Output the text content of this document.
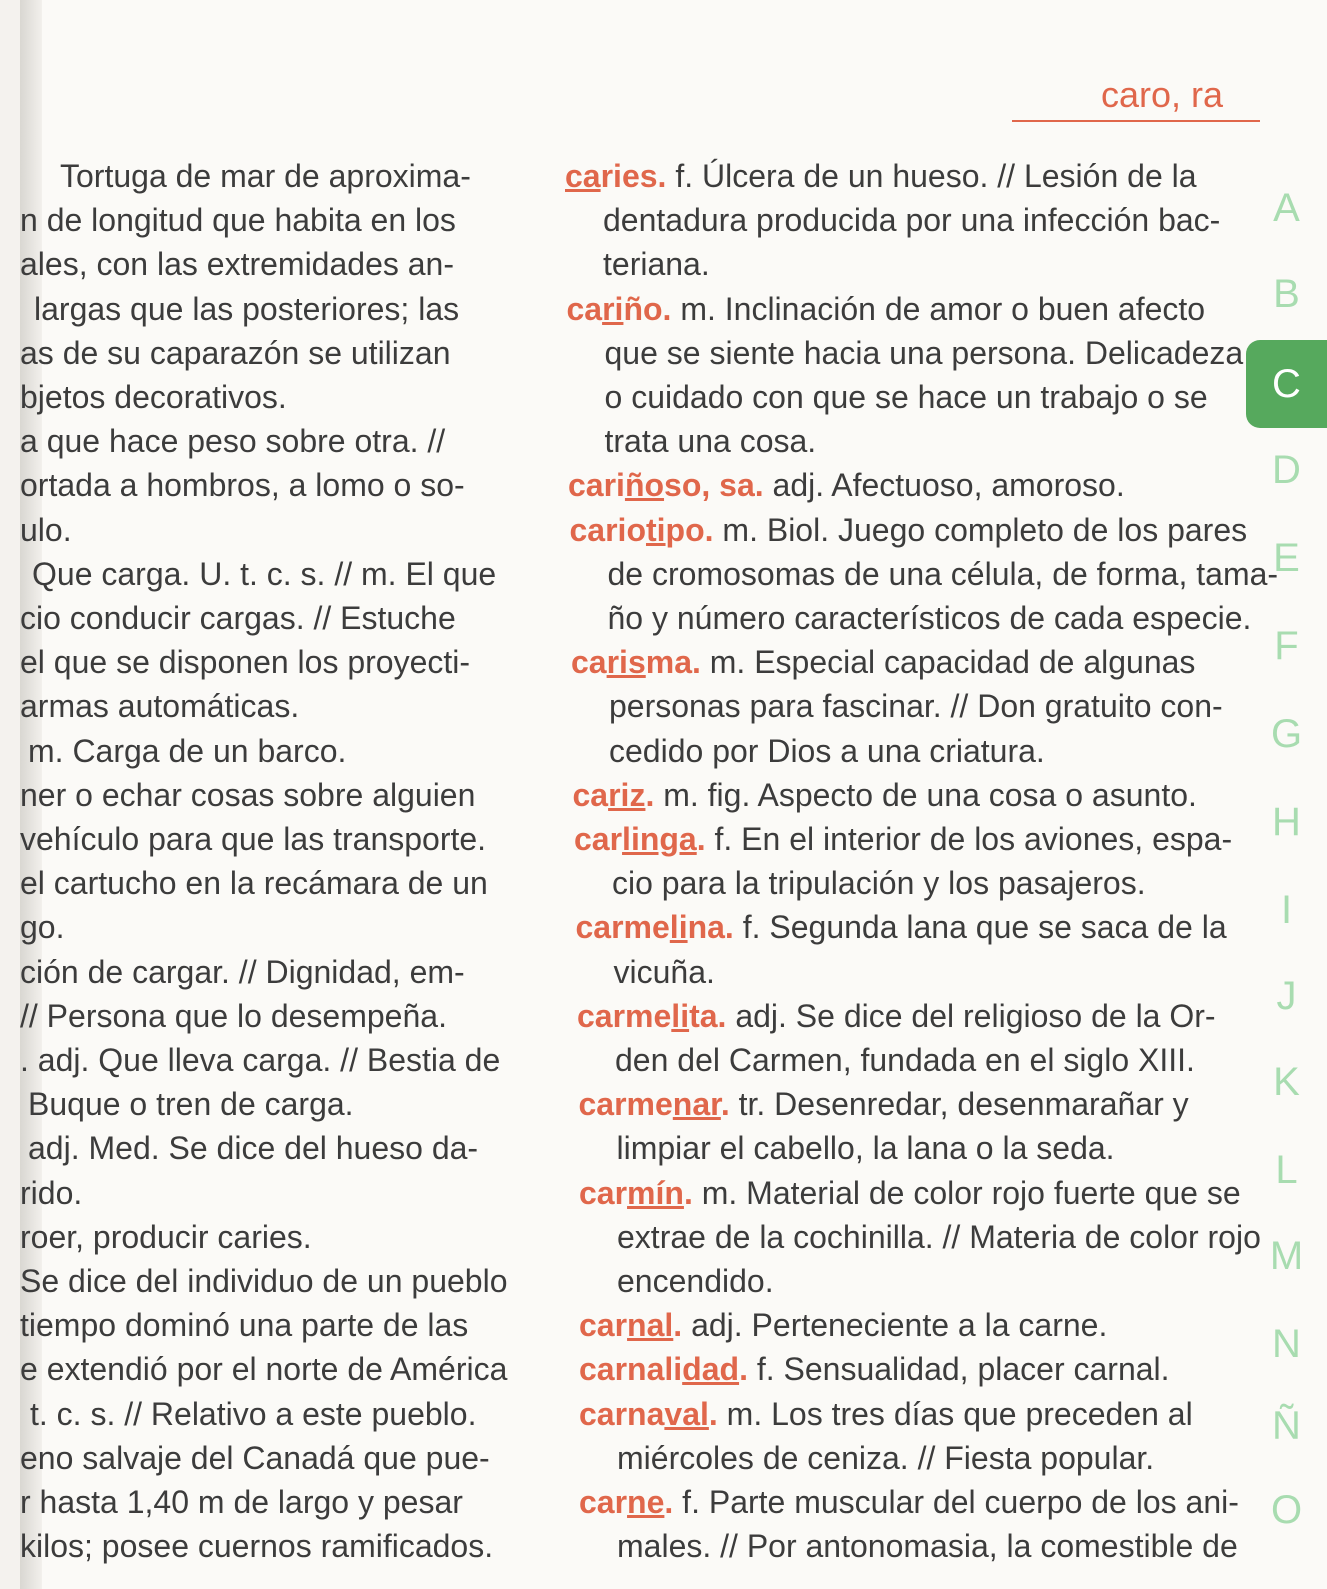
caro, ra
Tortuga de mar de aproxima-
n de longitud que habita en los
ales, con las extremidades an-
largas que las posteriores; las
as de su caparazón se utilizan
bjetos decorativos.
a que hace peso sobre otra. //
ortada a hombros, a lomo o so-
ulo.
Que carga. U. t. c. s. // m. El que
cio conducir cargas. // Estuche
el que se disponen los proyecti-
armas automáticas.
m. Carga de un barco.
ner o echar cosas sobre alguien
vehículo para que las transporte.
el cartucho en la recámara de un
go.
ción de cargar. // Dignidad, em-
// Persona que lo desempeña.
. adj. Que lleva carga. // Bestia de
Buque o tren de carga.
adj. Med. Se dice del hueso da-
rido.
roer, producir caries.
Se dice del individuo de un pueblo
tiempo dominó una parte de las
e extendió por el norte de América
t. c. s. // Relativo a este pueblo.
eno salvaje del Canadá que pue-
r hasta 1,40 m de largo y pesar
kilos; posee cuernos ramificados.
caries. f. Úlcera de un hueso. // Lesión de la
dentadura producida por una infección bac-
teriana.
cariño. m. Inclinación de amor o buen afecto
que se siente hacia una persona. Delicadeza
o cuidado con que se hace un trabajo o se
trata una cosa.
cariñoso, sa. adj. Afectuoso, amoroso.
cariotipo. m. Biol. Juego completo de los pares
de cromosomas de una célula, de forma, tama-
ño y número característicos de cada especie.
carisma. m. Especial capacidad de algunas
personas para fascinar. // Don gratuito con-
cedido por Dios a una criatura.
cariz. m. fig. Aspecto de una cosa o asunto.
carlinga. f. En el interior de los aviones, espa-
cio para la tripulación y los pasajeros.
carmelina. f. Segunda lana que se saca de la
vicuña.
carmelita. adj. Se dice del religioso de la Or-
den del Carmen, fundada en el siglo XIII.
carmenar. tr. Desenredar, desenmarañar y
limpiar el cabello, la lana o la seda.
carmín. m. Material de color rojo fuerte que se
extrae de la cochinilla. // Materia de color rojo
encendido.
carnal. adj. Perteneciente a la carne.
carnalidad. f. Sensualidad, placer carnal.
carnaval. m. Los tres días que preceden al
miércoles de ceniza. // Fiesta popular.
carne. f. Parte muscular del cuerpo de los ani-
males. // Por antonomasia, la comestible de
A
B
C
D
E
F
G
H
I
J
K
L
M
N
Ñ
O
